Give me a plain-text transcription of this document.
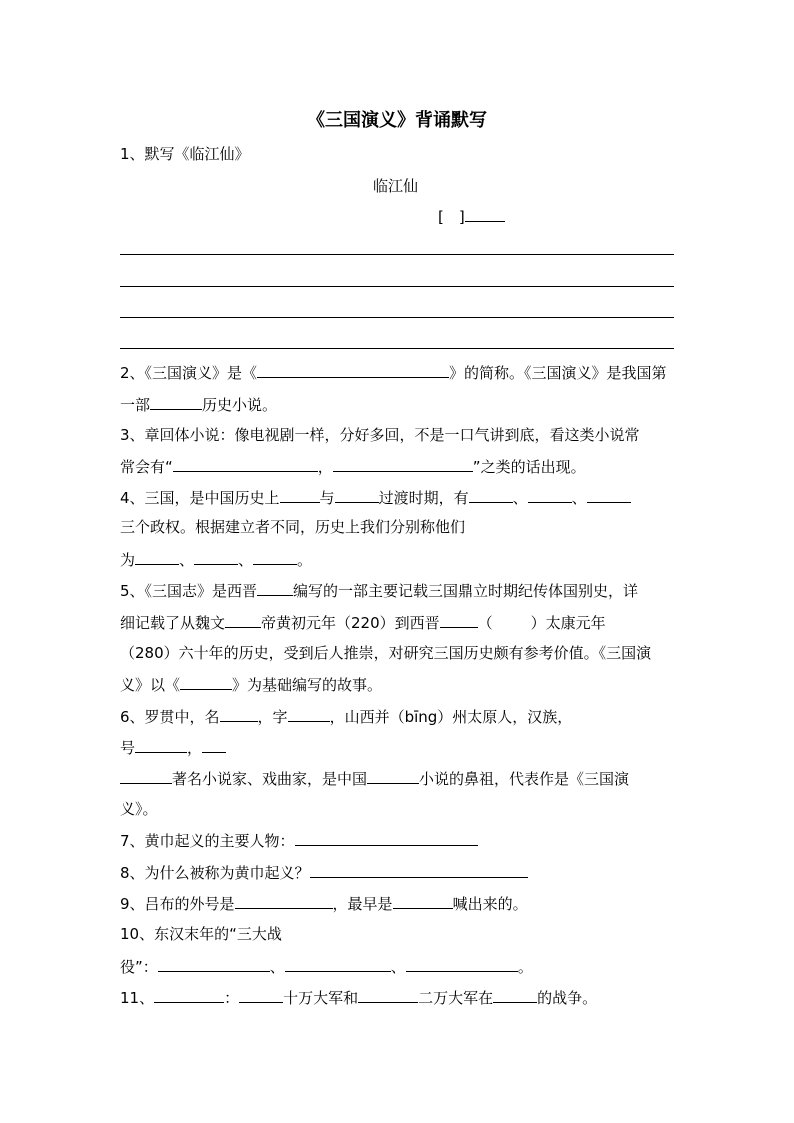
《三国演义》背诵默写
1、默写《临江仙》
临江仙
[　]
2、《三国演义》是《	》的简称。《三国演义》是我国第
一部	历史小说。
3、章回体小说：像电视剧一样，分好多回，不是一口气讲到底，看这类小说常
常会有“	，	”之类的话出现。
4、三国，是中国历史上	与	过渡时期，有	、	、
三个政权。根据建立者不同，历史上我们分别称他们
为	、	、	。
5、《三国志》是西晋 编写的一部主要记载三国鼎立时期纪传体国别史，详
细记载了从魏文 帝黄初元年（220）到西晋	（	）太康元年
（280）六十年的历史，受到后人推崇，对研究三国历史颇有参考价值。《三国演
义》以《	》为基础编写的故事。
6、罗贯中，名	，字	，山西并（bīng）州太原人，汉族，
号	，
著名小说家、戏曲家，是中国	小说的鼻祖，代表作是《三国演
义》。
7、黄巾起义的主要人物：
8、为什么被称为黄巾起义？
9、吕布的外号是	，最早是	喊出来的。
10、东汉末年的“三大战
役”：	、	、	。
11、	：	十万大军和	二万大军在	的战争。
